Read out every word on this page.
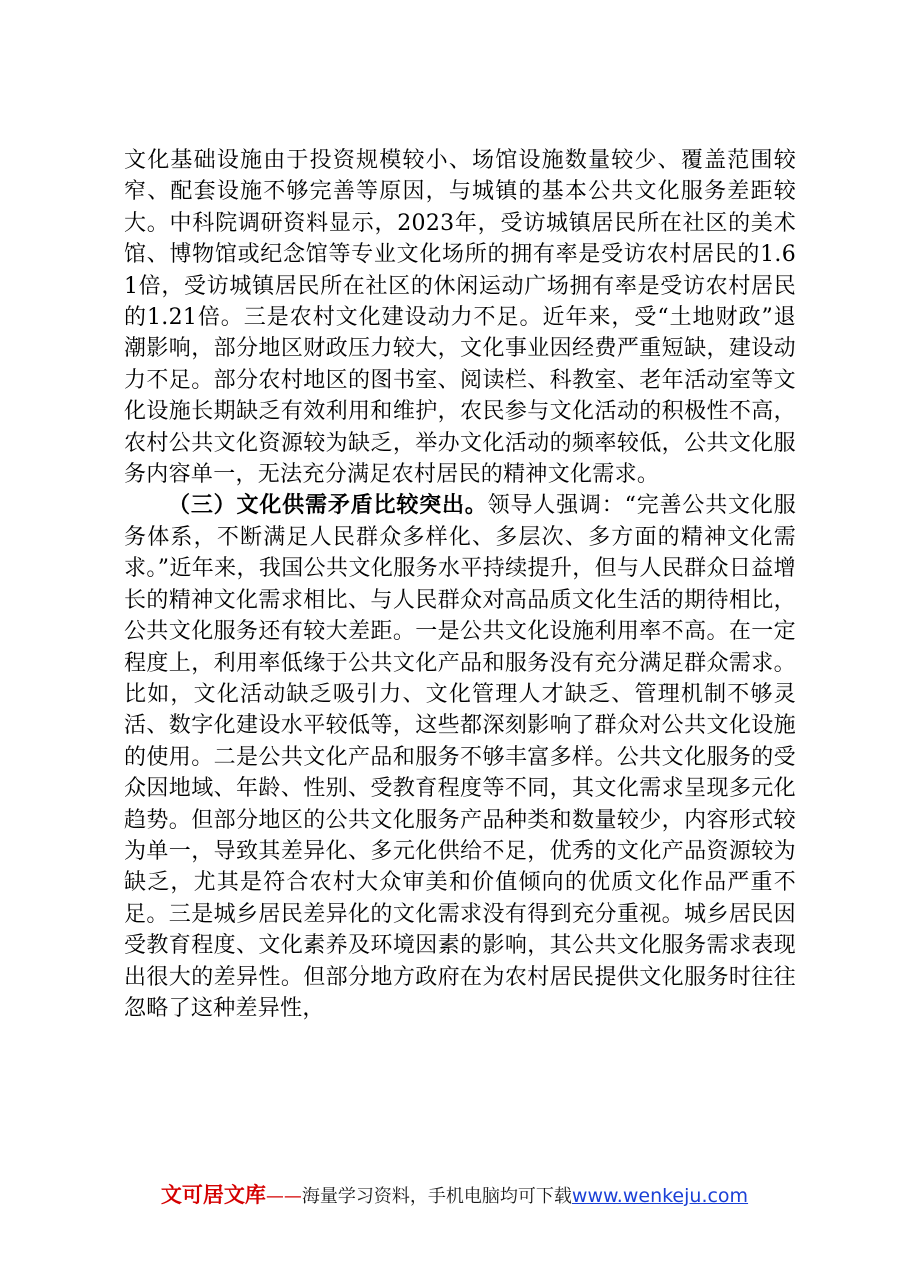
文化基础设施由于投资规模较小、场馆设施数量较少、覆盖范围较窄、配套设施不够完善等原因，与城镇的基本公共文化服务差距较大。中科院调研资料显示，2023年，受访城镇居民所在社区的美术馆、博物馆或纪念馆等专业文化场所的拥有率是受访农村居民的1.61倍，受访城镇居民所在社区的休闲运动广场拥有率是受访农村居民的1.21倍。三是农村文化建设动力不足。近年来，受“土地财政”退潮影响，部分地区财政压力较大，文化事业因经费严重短缺，建设动力不足。部分农村地区的图书室、阅读栏、科教室、老年活动室等文化设施长期缺乏有效利用和维护，农民参与文化活动的积极性不高，农村公共文化资源较为缺乏，举办文化活动的频率较低，公共文化服务内容单一，无法充分满足农村居民的精神文化需求。

（三）文化供需矛盾比较突出。领导人强调：“完善公共文化服务体系，不断满足人民群众多样化、多层次、多方面的精神文化需求。”近年来，我国公共文化服务水平持续提升，但与人民群众日益增长的精神文化需求相比、与人民群众对高品质文化生活的期待相比，公共文化服务还有较大差距。一是公共文化设施利用率不高。在一定程度上，利用率低缘于公共文化产品和服务没有充分满足群众需求。比如，文化活动缺乏吸引力、文化管理人才缺乏、管理机制不够灵活、数字化建设水平较低等，这些都深刻影响了群众对公共文化设施的使用。二是公共文化产品和服务不够丰富多样。公共文化服务的受众因地域、年龄、性别、受教育程度等不同，其文化需求呈现多元化趋势。但部分地区的公共文化服务产品种类和数量较少，内容形式较为单一，导致其差异化、多元化供给不足，优秀的文化产品资源较为缺乏，尤其是符合农村大众审美和价值倾向的优质文化作品严重不足。三是城乡居民差异化的文化需求没有得到充分重视。城乡居民因受教育程度、文化素养及环境因素的影响，其公共文化服务需求表现出很大的差异性。但部分地方政府在为农村居民提供文化服务时往往忽略了这种差异性，

文可居文库——海量学习资料，手机电脑均可下载www.wenkeju.com
